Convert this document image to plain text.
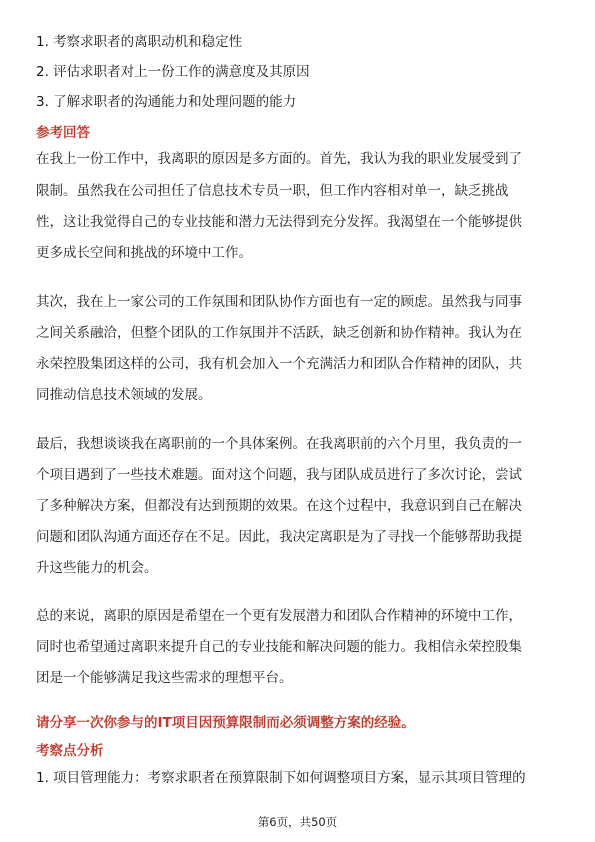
1. 考察求职者的离职动机和稳定性
2. 评估求职者对上一份工作的满意度及其原因
3. 了解求职者的沟通能力和处理问题的能力
参考回答
在我上一份工作中，我离职的原因是多方面的。首先，我认为我的职业发展受到了
限制。虽然我在公司担任了信息技术专员一职，但工作内容相对单一，缺乏挑战
性，这让我觉得自己的专业技能和潜力无法得到充分发挥。我渴望在一个能够提供
更多成长空间和挑战的环境中工作。
其次，我在上一家公司的工作氛围和团队协作方面也有一定的顾虑。虽然我与同事
之间关系融洽，但整个团队的工作氛围并不活跃，缺乏创新和协作精神。我认为在
永荣控股集团这样的公司，我有机会加入一个充满活力和团队合作精神的团队，共
同推动信息技术领域的发展。
最后，我想谈谈我在离职前的一个具体案例。在我离职前的六个月里，我负责的一
个项目遇到了一些技术难题。面对这个问题，我与团队成员进行了多次讨论，尝试
了多种解决方案，但都没有达到预期的效果。在这个过程中，我意识到自己在解决
问题和团队沟通方面还存在不足。因此，我决定离职是为了寻找一个能够帮助我提
升这些能力的机会。
总的来说，离职的原因是希望在一个更有发展潜力和团队合作精神的环境中工作，
同时也希望通过离职来提升自己的专业技能和解决问题的能力。我相信永荣控股集
团是一个能够满足我这些需求的理想平台。
请分享一次你参与的IT项目因预算限制而必须调整方案的经验。
考察点分析
1. 项目管理能力：考察求职者在预算限制下如何调整项目方案，显示其项目管理的
第6页，共50页
